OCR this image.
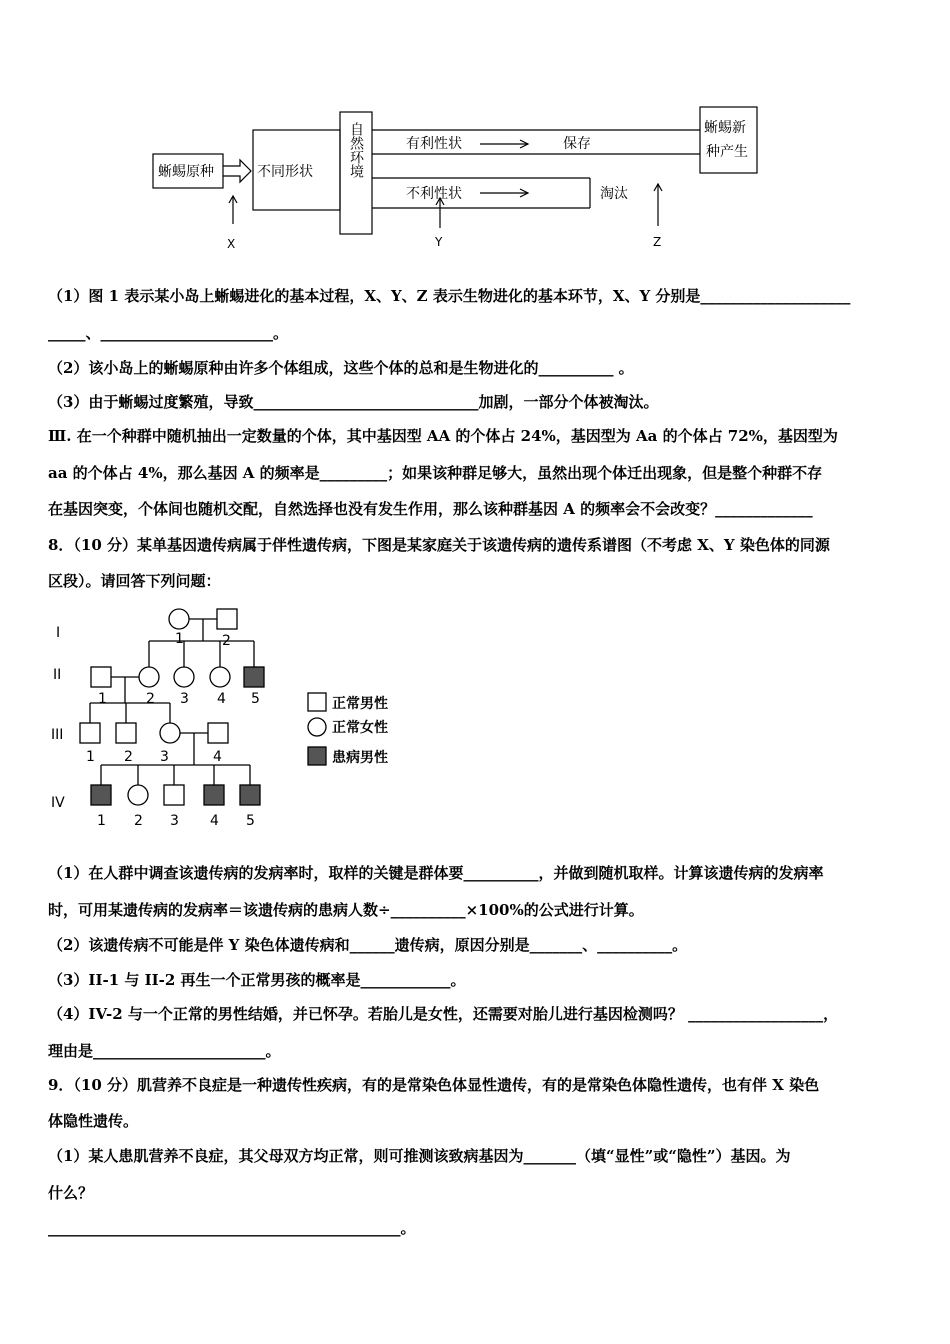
蜥蜴原种	不同形状
有利性状	保存
不利性状	淘汰
蜥蜴新
种产生
X	Y	Z
自然环境
（1）图 1 表示某小岛上蜥蜴进化的基本过程，X、Y、Z 表示生物进化的基本环节，X、Y 分别是____________________
_____、_______________________。
（2）该小岛上的蜥蜴原种由许多个体组成，这些个体的总和是生物进化的__________ 。
（3）由于蜥蜴过度繁殖，导致______________________________加剧，一部分个体被淘汰。
Ⅲ. 在一个种群中随机抽出一定数量的个体，其中基因型 AA 的个体占 24%，基因型为 Aa 的个体占 72%，基因型为
aa 的个体占 4%，那么基因 A 的频率是_________；如果该种群足够大，虽然出现个体迁出现象，但是整个种群不存
在基因突变，个体间也随机交配，自然选择也没有发生作用，那么该种群基因 A 的频率会不会改变？_____________
8．（10 分）某单基因遗传病属于伴性遗传病，下图是某家庭关于该遗传病的遗传系谱图（不考虑 X、Y 染色体的同源
区段）。请回答下列问题：
I
II
III
IV
1	2
1	2 3 4 5
1 2 3	4
1 2 3 4 5
正常男性
正常女性
患病男性
（1）在人群中调查该遗传病的发病率时，取样的关键是群体要__________，并做到随机取样。计算该遗传病的发病率
时，可用某遗传病的发病率＝该遗传病的患病人数÷__________×100%的公式进行计算。
（2）该遗传病不可能是伴 Y 染色体遗传病和______遗传病，原因分别是_______、__________。
（3）II-1 与 II-2 再生一个正常男孩的概率是____________。
（4）IV-2 与一个正常的男性结婚，并已怀孕。若胎儿是女性，还需要对胎儿进行基因检测吗？ __________________，
理由是_______________________。
9．（10 分）肌营养不良症是一种遗传性疾病，有的是常染色体显性遗传，有的是常染色体隐性遗传，也有伴 X 染色
体隐性遗传。
（1）某人患肌营养不良症，其父母双方均正常，则可推测该致病基因为_______（填“显性”或“隐性”）基因。为
什么？
_______________________________________________。
